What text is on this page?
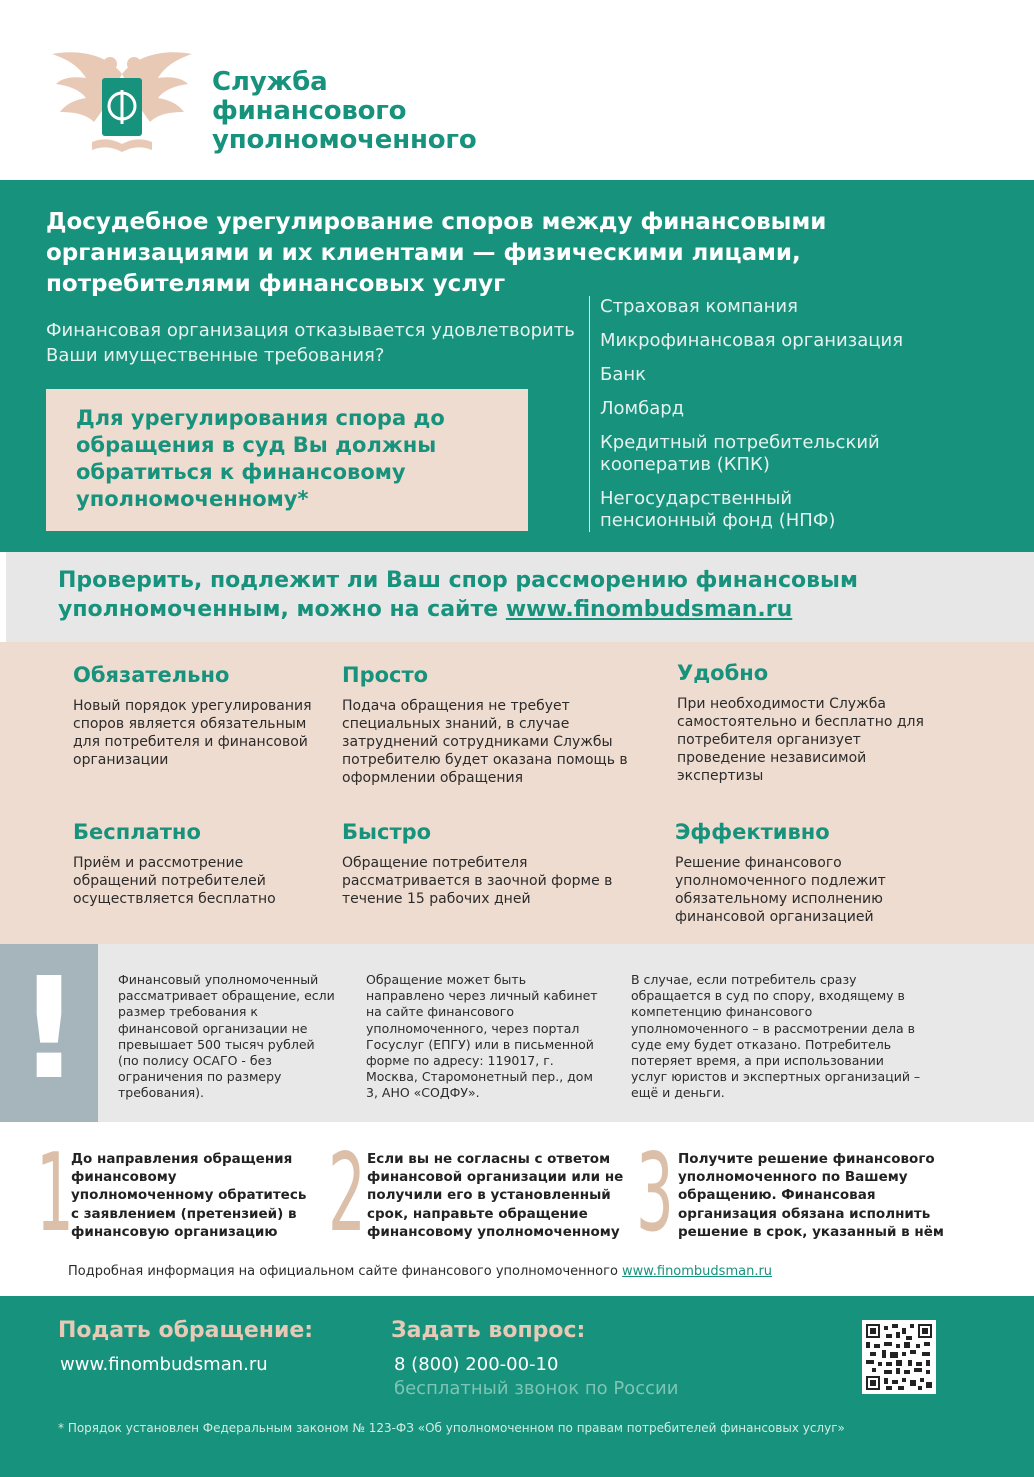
Служба
финансового
уполномоченного
Досудебное урегулирование споров между финансовыми организациями и их клиентами — физическими лицами, потребителями финансовых услуг
Финансовая организация отказывается удовлетворить Ваши имущественные требования?
Для урегулирования спора до обращения в суд Вы должны обратиться к финансовому уполномоченному*
Страховая компания
Микрофинансовая организация
Банк
Ломбард
Кредитный потребительский кооператив (КПК)
Негосударственный пенсионный фонд (НПФ)
Проверить, подлежит ли Ваш спор рассморению финансовым уполномоченным, можно на сайте www.finombudsman.ru
Обязательно
Новый порядок урегулирования споров является обязательным для потребителя и финансовой организации
Просто
Подача обращения не требует специальных знаний, в случае затруднений сотрудниками Службы потребителю будет оказана помощь в оформлении обращения
Удобно
При необходимости Служба самостоятельно и бесплатно для потребителя организует проведение независимой экспертизы
Бесплатно
Приём и рассмотрение обращений потребителей осуществляется бесплатно
Быстро
Обращение потребителя рассматривается в заочной форме в течение 15 рабочих дней
Эффективно
Решение финансового уполномоченного подлежит обязательному исполнению финансовой организацией
!	Финансовый уполномоченный рассматривает обращение, если размер требования к финансовой организации не превышает 500 тысяч рублей (по полису ОСАГО - без ограничения по размеру требования).
Обращение может быть направлено через личный кабинет на сайте финансового уполномоченного, через портал Госуслуг (ЕПГУ) или в письменной форме по адресу: 119017, г. Москва, Старомонетный пер., дом 3, АНО «СОДФУ».
В случае, если потребитель сразу обращается в суд по спору, входящему в компетенцию финансового уполномоченного – в рассмотрении дела в суде ему будет отказано. Потребитель потеряет время, а при использовании услуг юристов и экспертных организаций – ещё и деньги.
1
До направления обращения финансовому уполномоченному обратитесь с заявлением (претензией) в финансовую организацию 2 Если вы не согласны с ответом финансовой организации или не получили его в установленный срок, направьте обращение финансовому уполномоченному 3 Получите решение финансового уполномоченного по Вашему обращению. Финансовая организация обязана исполнить решение в срок, указанный в нём
Подробная информация на официальном сайте финансового уполномоченного www.finombudsman.ru
Подать обращение:
www.finombudsman.ru
Задать вопрос:
8 (800) 200-00-10
бесплатный звонок по России
* Порядок установлен Федеральным законом № 123-ФЗ «Об уполномоченном по правам потребителей финансовых услуг»
